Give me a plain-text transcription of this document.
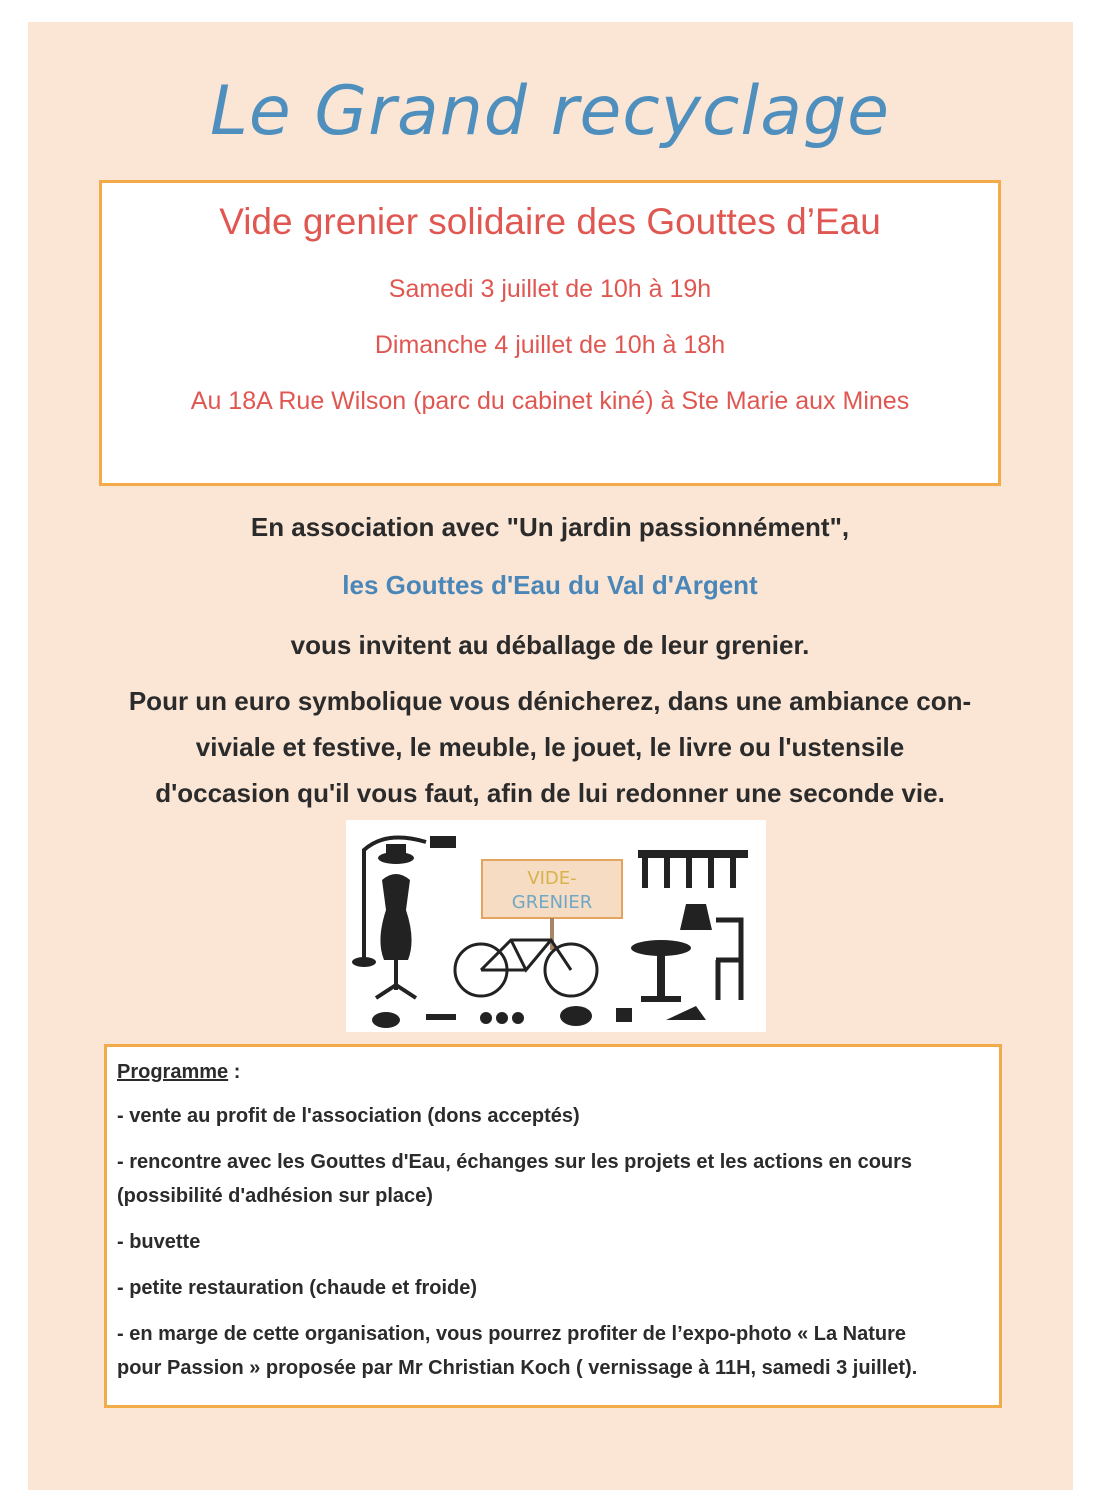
Le Grand recyclage
Vide grenier solidaire des Gouttes d’Eau
Samedi 3 juillet de 10h à 19h
Dimanche 4 juillet de 10h à 18h
Au 18A Rue Wilson (parc du cabinet kiné) à Ste Marie aux Mines
En association avec "Un jardin passionnément",
les Gouttes d'Eau du Val d'Argent
vous invitent au déballage de leur grenier.
Pour un euro symbolique vous dénicherez, dans une ambiance con-
viviale et festive, le meuble, le jouet, le livre ou l'ustensile
d'occasion qu'il vous faut, afin de lui redonner une seconde vie.
VIDE-
GRENIER
Programme :
- vente au profit de l'association (dons acceptés)
- rencontre avec les Gouttes d'Eau, échanges sur les projets et les actions en cours
(possibilité d'adhésion sur place)
- buvette
- petite restauration (chaude et froide)
- en marge de cette organisation, vous pourrez profiter de l’expo-photo « La Nature
pour Passion » proposée par Mr Christian Koch ( vernissage à 11H, samedi 3 juillet).
